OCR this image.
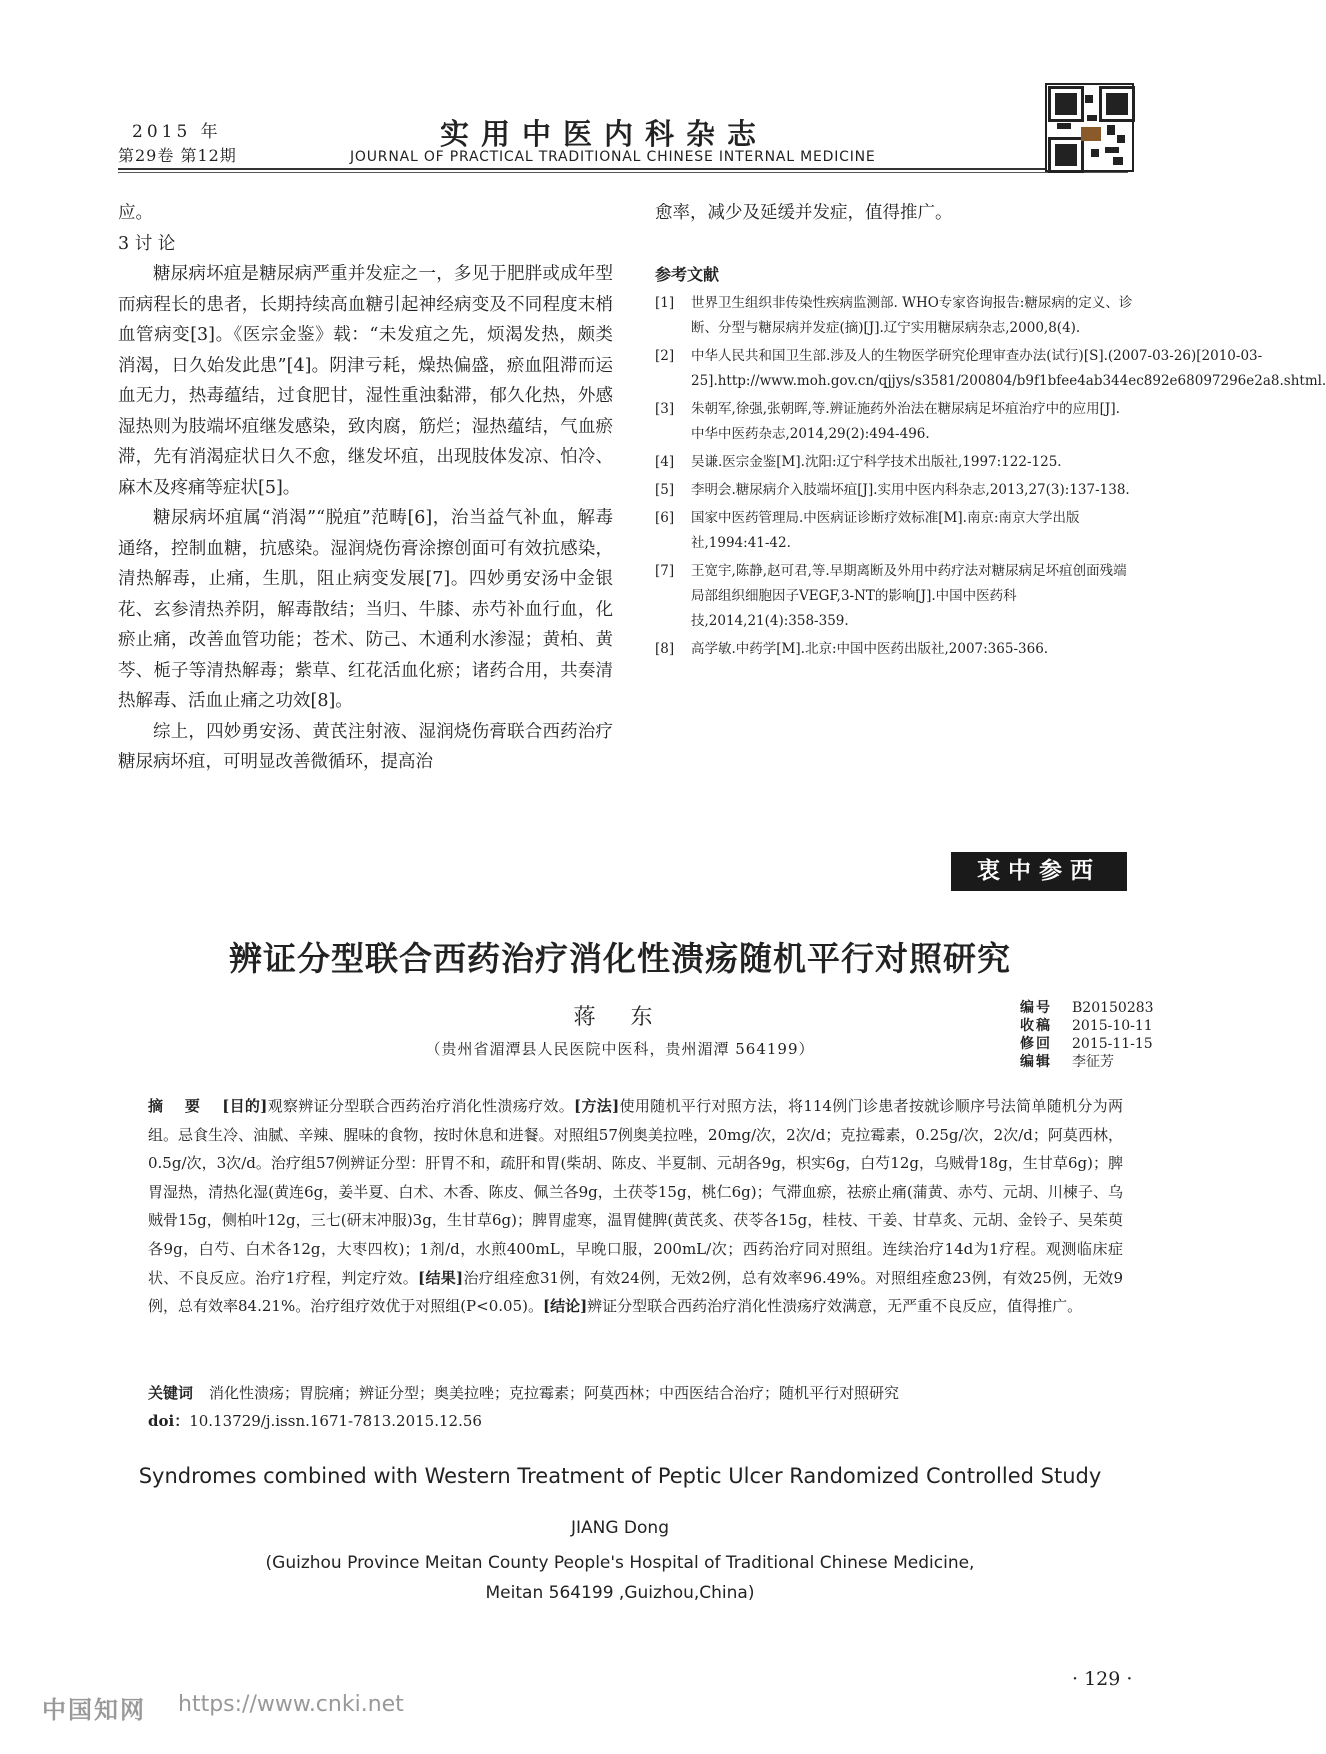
2015 年
第29卷 第12期
实用中医内科杂志
JOURNAL OF PRACTICAL TRADITIONAL CHINESE INTERNAL MEDICINE

应。

3 讨 论

糖尿病坏疽是糖尿病严重并发症之一，多见于肥胖或成年型而病程长的患者，长期持续高血糖引起神经病变及不同程度末梢血管病变[3]。《医宗金鉴》载：“未发疽之先，烦渴发热，颇类消渴，日久始发此患”[4]。阴津亏耗，燥热偏盛，瘀血阻滞而运血无力，热毒蕴结，过食肥甘，湿性重浊黏滞，郁久化热，外感湿热则为肢端坏疽继发感染，致肉腐，筋烂；湿热蕴结，气血瘀滞，先有消渴症状日久不愈，继发坏疽，出现肢体发凉、怕冷、麻木及疼痛等症状[5]。

糖尿病坏疽属“消渴”“脱疽”范畴[6]，治当益气补血，解毒通络，控制血糖，抗感染。湿润烧伤膏涂擦创面可有效抗感染，清热解毒，止痛，生肌，阻止病变发展[7]。四妙勇安汤中金银花、玄参清热养阴，解毒散结；当归、牛膝、赤芍补血行血，化瘀止痛，改善血管功能；苍术、防己、木通利水渗湿；黄柏、黄芩、栀子等清热解毒；紫草、红花活血化瘀；诸药合用，共奏清热解毒、活血止痛之功效[8]。

综上，四妙勇安汤、黄芪注射液、湿润烧伤膏联合西药治疗糖尿病坏疽，可明显改善微循环，提高治

愈率，减少及延缓并发症，值得推广。

参考文献
[1]	世界卫生组织非传染性疾病监测部. WHO专家咨询报告:糖尿病的定义、诊断、分型与糖尿病并发症(摘)[J].辽宁实用糖尿病杂志,2000,8(4).
[2]	中华人民共和国卫生部.涉及人的生物医学研究伦理审查办法(试行)[S].(2007-03-26)[2010-03-25].http://www.moh.gov.cn/qjjys/s3581/200804/b9f1bfee4ab344ec892e68097296e2a8.shtml.
[3]	朱朝军,徐强,张朝晖,等.辨证施药外治法在糖尿病足坏疽治疗中的应用[J].中华中医药杂志,2014,29(2):494-496.
[4]	吴谦.医宗金鉴[M].沈阳:辽宁科学技术出版社,1997:122-125.
[5]	李明会.糖尿病介入肢端坏疽[J].实用中医内科杂志,2013,27(3):137-138.
[6]	国家中医药管理局.中医病证诊断疗效标准[M].南京:南京大学出版社,1994:41-42.
[7]	王宽宇,陈静,赵可君,等.早期离断及外用中药疗法对糖尿病足坏疽创面残端局部组织细胞因子VEGF,3-NT的影响[J].中国中医药科技,2014,21(4):358-359.
[8]	高学敏.中药学[M].北京:中国中医药出版社,2007:365-366.
衷中参西
辨证分型联合西药治疗消化性溃疡随机平行对照研究
蒋 东
（贵州省湄潭县人民医院中医科，贵州湄潭 564199）
编号	B20150283
收稿	2015-10-11
修回	2015-11-15
编辑	李征芳
摘 要 [目的]观察辨证分型联合西药治疗消化性溃疡疗效。[方法]使用随机平行对照方法，将114例门诊患者按就诊顺序号法简单随机分为两组。忌食生冷、油腻、辛辣、腥味的食物，按时休息和进餐。对照组57例奥美拉唑，20mg/次，2次/d；克拉霉素，0.25g/次，2次/d；阿莫西林，0.5g/次，3次/d。治疗组57例辨证分型：肝胃不和，疏肝和胃(柴胡、陈皮、半夏制、元胡各9g，枳实6g，白芍12g，乌贼骨18g，生甘草6g)；脾胃湿热，清热化湿(黄连6g，姜半夏、白术、木香、陈皮、佩兰各9g，土茯苓15g，桃仁6g)；气滞血瘀，祛瘀止痛(蒲黄、赤芍、元胡、川楝子、乌贼骨15g，侧柏叶12g，三七(研末冲服)3g，生甘草6g)；脾胃虚寒，温胃健脾(黄芪炙、茯苓各15g，桂枝、干姜、甘草炙、元胡、金铃子、吴茱萸各9g，白芍、白术各12g，大枣四枚)；1剂/d，水煎400mL，早晚口服，200mL/次；西药治疗同对照组。连续治疗14d为1疗程。观测临床症状、不良反应。治疗1疗程，判定疗效。[结果]治疗组痊愈31例，有效24例，无效2例，总有效率96.49%。对照组痊愈23例，有效25例，无效9例，总有效率84.21%。治疗组疗效优于对照组(P<0.05)。[结论]辨证分型联合西药治疗消化性溃疡疗效满意，无严重不良反应，值得推广。
关键词 消化性溃疡；胃脘痛；辨证分型；奥美拉唑；克拉霉素；阿莫西林；中西医结合治疗；随机平行对照研究
doi：10.13729/j.issn.1671-7813.2015.12.56
Syndromes combined with Western Treatment of Peptic Ulcer Randomized Controlled Study
JIANG Dong
(Guizhou Province Meitan County People's Hospital of Traditional Chinese Medicine,
Meitan 564199 ,Guizhou,China)
· 129 ·
中国知网 https://www.cnki.net
